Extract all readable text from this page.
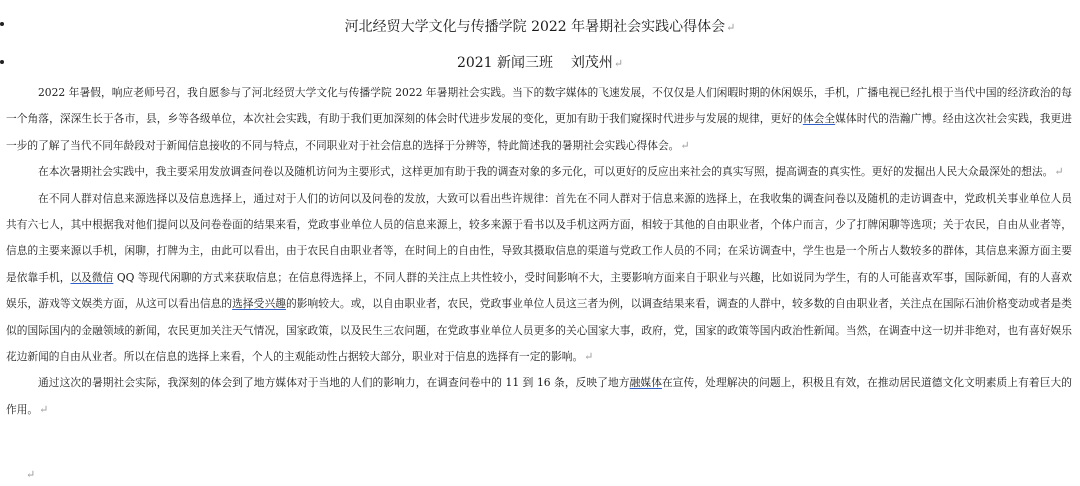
河北经贸大学文化与传播学院 2022 年暑期社会实践心得体会↵
2021 新闻三班    刘茂州↵

2022 年暑假，响应老师号召，我自愿参与了河北经贸大学文化与传播学院 2022 年暑期社会实践。当下的数字媒体的飞速发展，不仅仅是人们闲暇时期的休闲娱乐，手机，广播电视已经扎根于当代中国的经济政治的每一个角落，深深生长于各市，县，乡等各级单位，本次社会实践，有助于我们更加深刻的体会时代进步发展的变化，更加有助于我们窥探时代进步与发展的规律，更好的体会全媒体时代的浩瀚广博。经由这次社会实践，我更进一步的了解了当代不同年龄段对于新闻信息接收的不同与特点，不同职业对于社会信息的选择于分辨等，特此简述我的暑期社会实践心得体会。↵

在本次暑期社会实践中，我主要采用发放调查问卷以及随机访问为主要形式，这样更加有助于我的调查对象的多元化，可以更好的反应出来社会的真实写照，提高调查的真实性。更好的发掘出人民大众最深处的想法。↵

在不同人群对信息来源选择以及信息选择上，通过对于人们的访问以及问卷的发放，大致可以看出些许规律：首先在不同人群对于信息来源的选择上，在我收集的调查问卷以及随机的走访调查中，党政机关事业单位人员共有六七人，其中根据我对他们提问以及问卷卷面的结果来看，党政事业单位人员的信息来源上，较多来源于看书以及手机这两方面，相较于其他的自由职业者，个体户而言，少了打牌闲聊等选项；关于农民，自由从业者等，信息的主要来源以手机，闲聊，打牌为主，由此可以看出，由于农民自由职业者等，在时间上的自由性，导致其摄取信息的渠道与党政工作人员的不同；在采访调查中，学生也是一个所占人数较多的群体，其信息来源方面主要是依靠手机，以及微信 QQ 等现代闲聊的方式来获取信息；在信息得选择上，不同人群的关注点上共性较小，受时间影响不大，主要影响方面来自于职业与兴趣，比如说同为学生，有的人可能喜欢军事，国际新闻，有的人喜欢娱乐，游戏等文娱类方面，从这可以看出信息的选择受兴趣的影响较大。或，以自由职业者，农民，党政事业单位人员这三者为例，以调查结果来看，调查的人群中，较多数的自由职业者，关注点在国际石油价格变动或者是类似的国际国内的金融领域的新闻，农民更加关注天气情况，国家政策，以及民生三农问题，在党政事业单位人员更多的关心国家大事，政府，党，国家的政策等国内政治性新闻。当然，在调查中这一切并非绝对，也有喜好娱乐花边新闻的自由从业者。所以在信息的选择上来看，个人的主观能动性占据较大部分，职业对于信息的选择有一定的影响。↵

通过这次的暑期社会实际，我深刻的体会到了地方媒体对于当地的人们的影响力，在调查问卷中的 11 到 16 条，反映了地方融媒体在宣传，处理解决的问题上，积极且有效，在推动居民道德文化文明素质上有着巨大的作用。↵

↵
